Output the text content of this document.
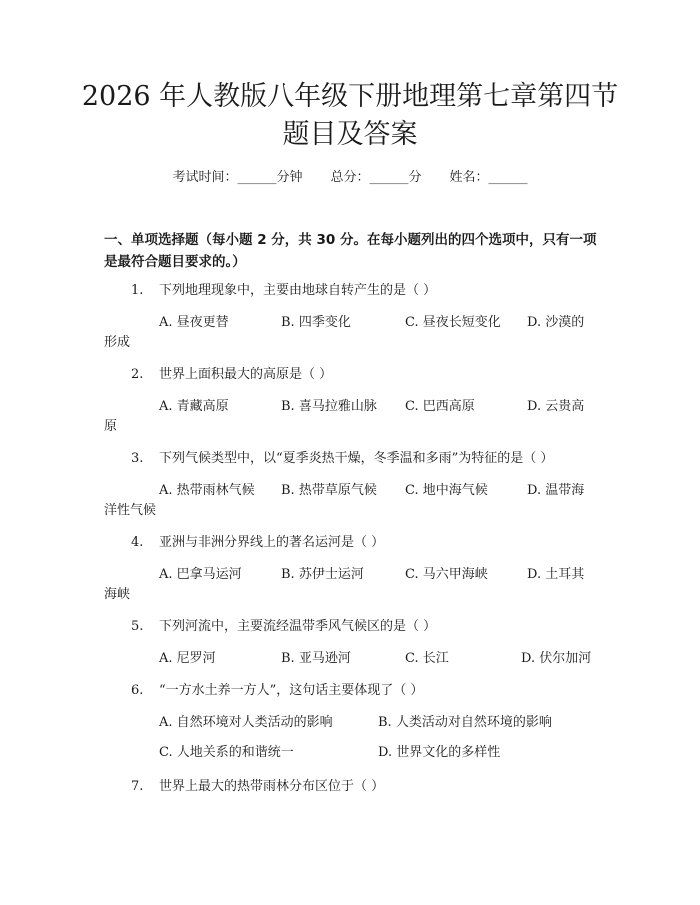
2026 年人教版八年级下册地理第七章第四节
题目及答案
考试时间：______分钟 总分：______分 姓名：______
一、单项选择题（每小题 2 分，共 30 分。在每小题列出的四个选项中，只有一项
是最符合题目要求的。）
1. 下列地理现象中，主要由地球自转产生的是（ ）
A. 昼夜更替	B. 四季变化	C. 昼夜长短变化 D. 沙漠的
形成
2. 世界上面积最大的高原是（ ）
A. 青藏高原	B. 喜马拉雅山脉 C. 巴西高原	D. 云贵高
原
3. 下列气候类型中，以“夏季炎热干燥，冬季温和多雨”为特征的是（ ）
A. 热带雨林气候 B. 热带草原气候 C. 地中海气候	D. 温带海
洋性气候
4. 亚洲与非洲分界线上的著名运河是（ ）
A. 巴拿马运河	B. 苏伊士运河	C. 马六甲海峡	D. 土耳其
海峡
5. 下列河流中，主要流经温带季风气候区的是（ ）
A. 尼罗河	B. 亚马逊河	C. 长江	D. 伏尔加河
6. “一方水土养一方人”，这句话主要体现了（ ）
A. 自然环境对人类活动的影响	B. 人类活动对自然环境的影响
C. 人地关系的和谐统一	D. 世界文化的多样性
7. 世界上最大的热带雨林分布区位于（ ）
